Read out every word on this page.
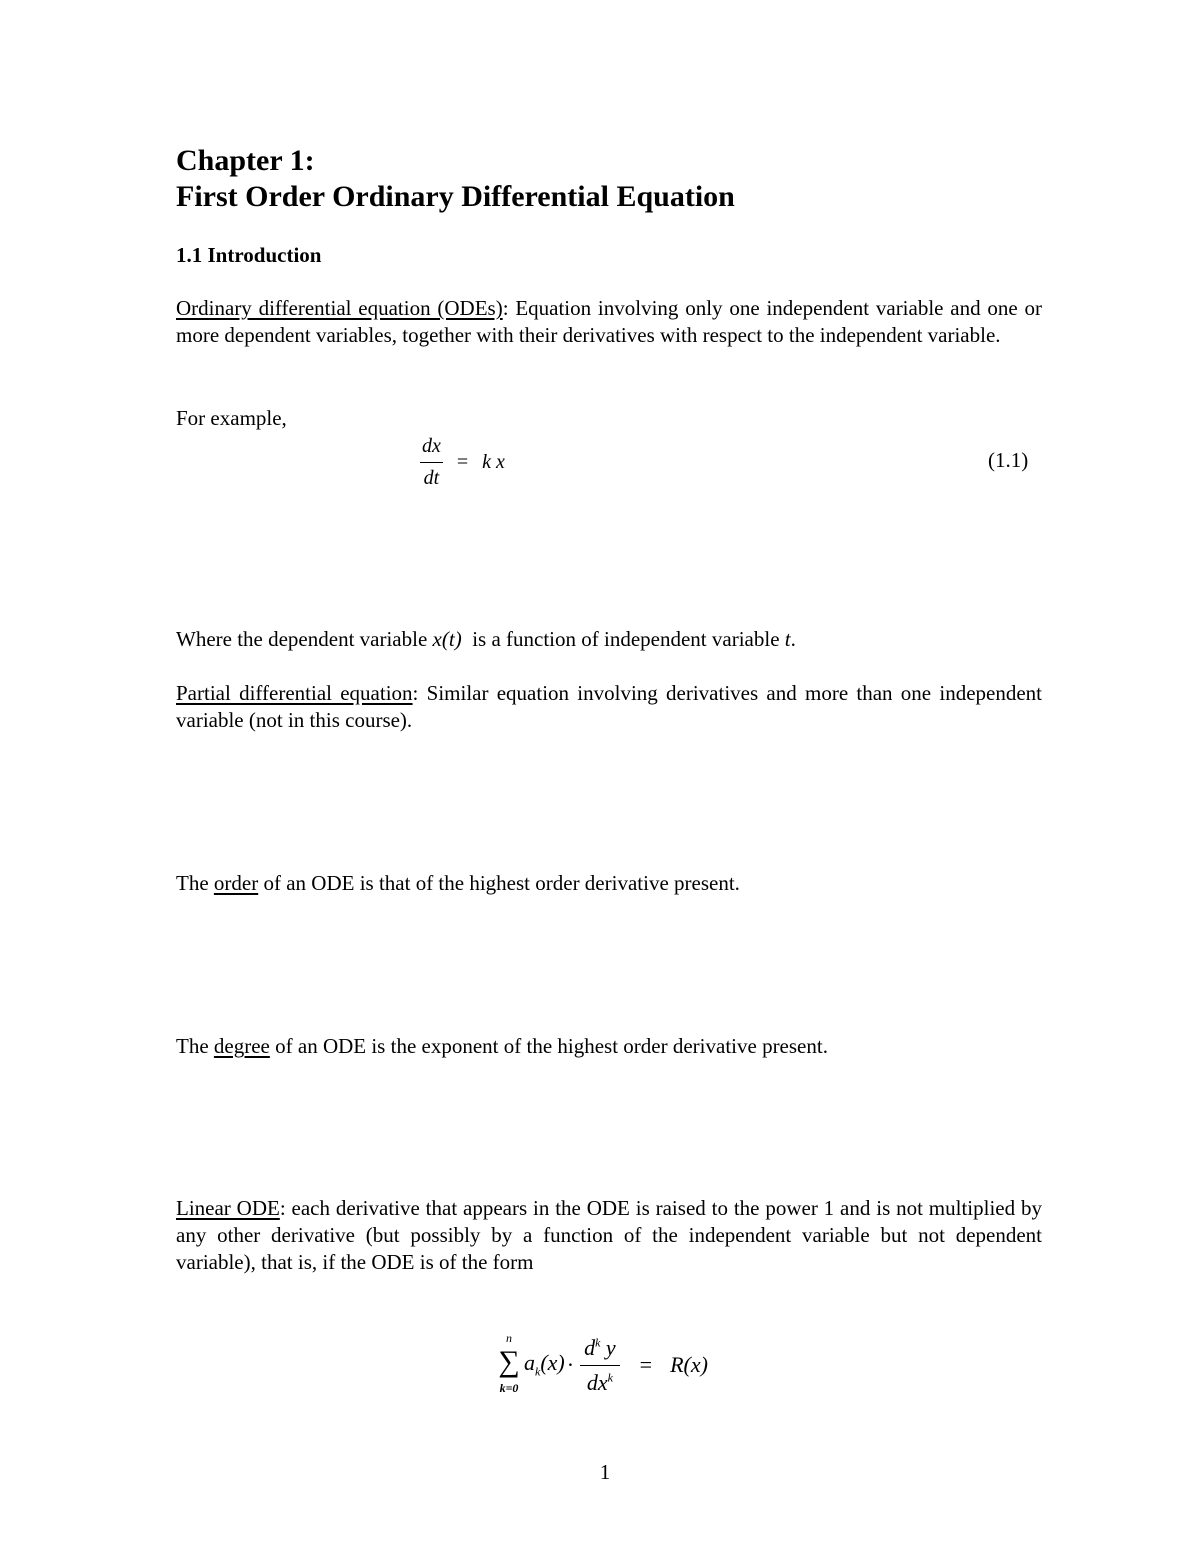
Chapter 1:
First Order Ordinary Differential Equation
1.1 Introduction
Ordinary differential equation (ODEs): Equation involving only one independent variable and one or more dependent variables, together with their derivatives with respect to the independent variable.
For example,
$\frac{dx}{dt} = k$ x	(1.1)
Where the dependent variable x(t)  is a function of independent variable t.
Partial differential equation: Similar equation involving derivatives and more than one independent variable (not in this course).
The order of an ODE is that of the highest order derivative present.
The degree of an ODE is the exponent of the highest order derivative present.
Linear ODE: each derivative that appears in the ODE is raised to the power 1 and is not multiplied by any other derivative (but possibly by a function of the independent variable but not dependent variable), that is, if the ODE is of the form
n
∑
k=0
$a_k(x) \cdot \frac{d^k y}{dx^k} = R(x)$
1
